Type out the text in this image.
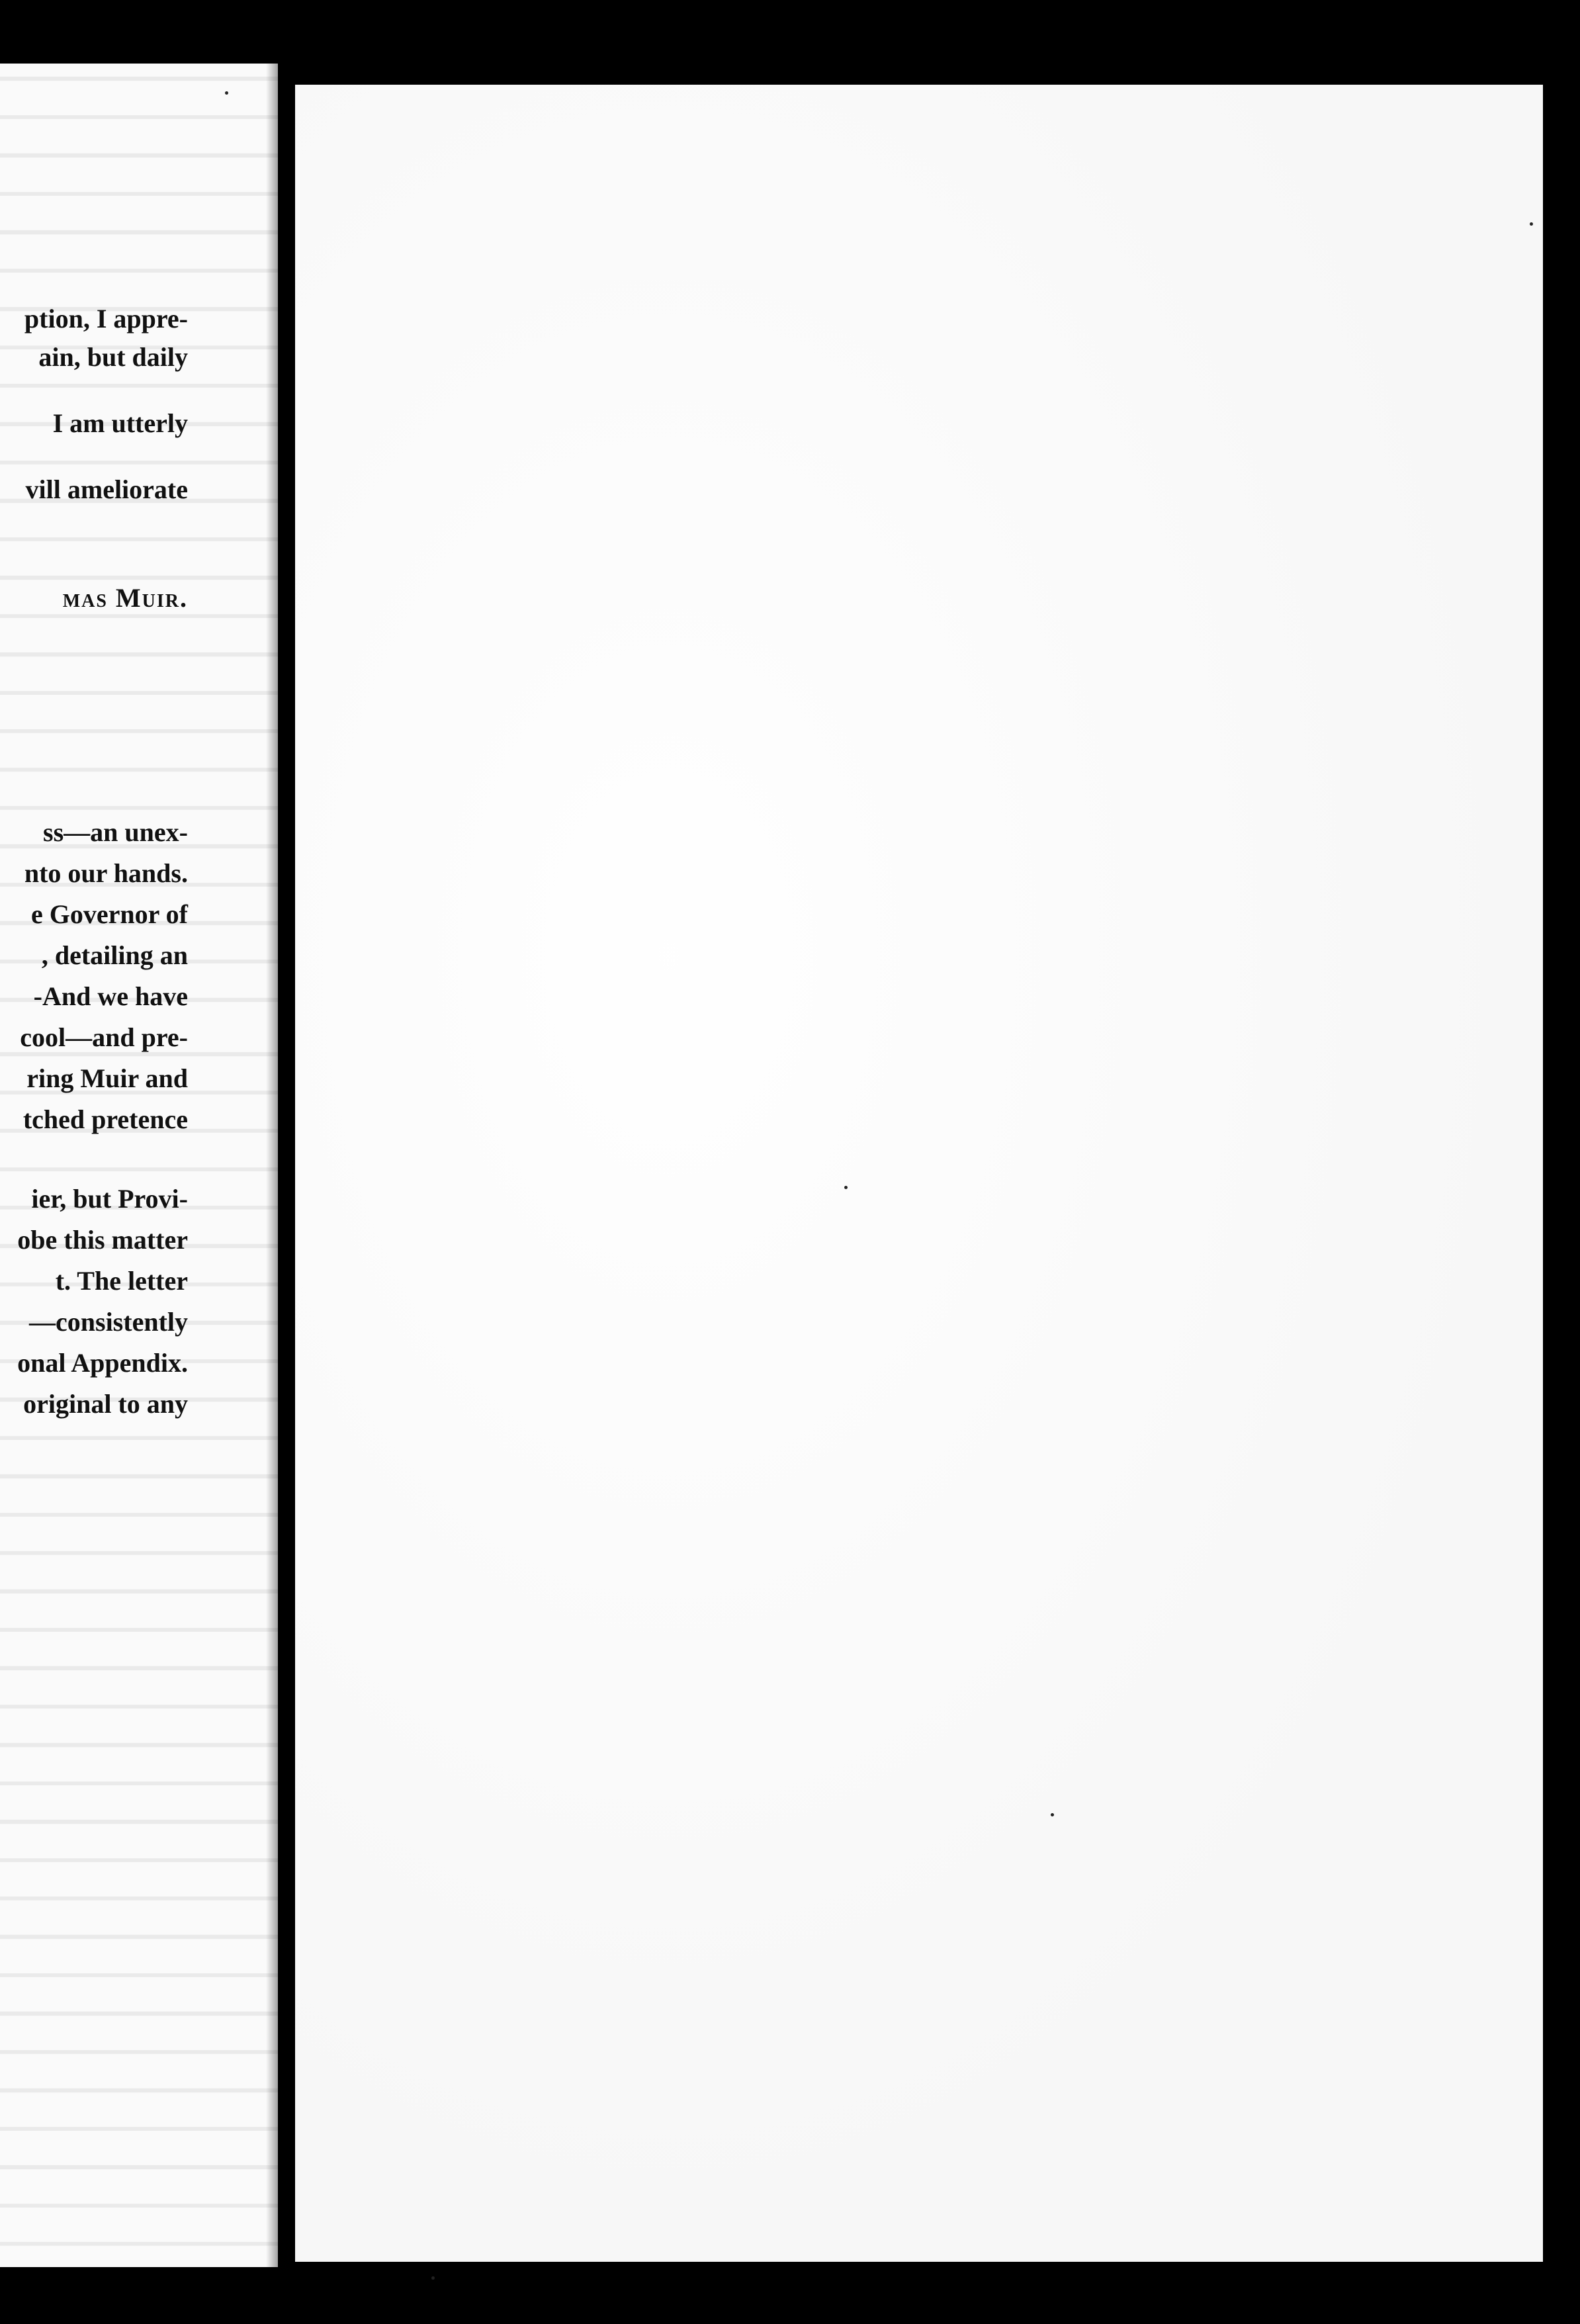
ption, I appre-
ain, but daily
I am utterly
vill ameliorate
mas Muir.
ss—an unex-
nto our hands.
e Governor of
, detailing an
-And we have
cool—and pre-
ring Muir and
tched pretence
ier, but Provi-
obe this matter
t. The letter
—consistently
onal Appendix.
original to any
